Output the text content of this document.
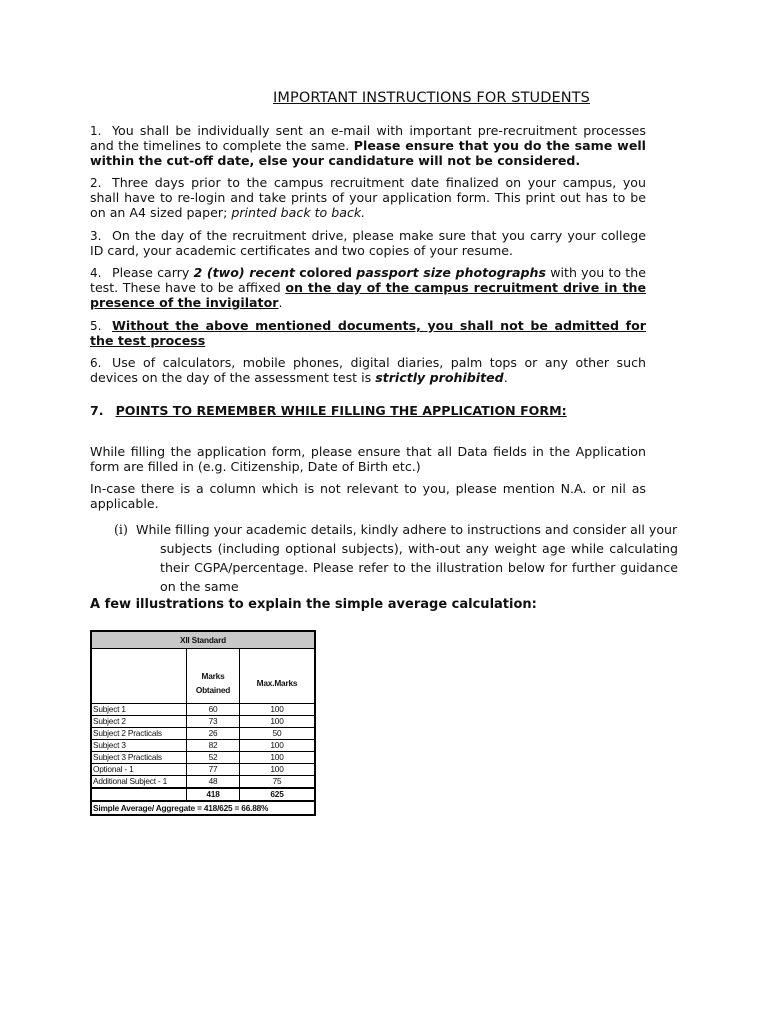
IMPORTANT INSTRUCTIONS FOR STUDENTS

1. You shall be individually sent an e-mail with important pre-recruitment processes and the timelines to complete the same. Please ensure that you do the same well within the cut-off date, else your candidature will not be considered.

2. Three days prior to the campus recruitment date finalized on your campus, you shall have to re-login and take prints of your application form. This print out has to be on an A4 sized paper; printed back to back.

3. On the day of the recruitment drive, please make sure that you carry your college ID card, your academic certificates and two copies of your resume.

4. Please carry 2 (two) recent colored passport size photographs with you to the test. These have to be affixed on the day of the campus recruitment drive in the presence of the invigilator.

5. Without the above mentioned documents, you shall not be admitted for the test process

6. Use of calculators, mobile phones, digital diaries, palm tops or any other such devices on the day of the assessment test is strictly prohibited.

7. POINTS TO REMEMBER WHILE FILLING THE APPLICATION FORM:

While filling the application form, please ensure that all Data fields in the Application form are filled in (e.g. Citizenship, Date of Birth etc.)

In-case there is a column which is not relevant to you, please mention N.A. or nil as applicable.

(i) While filling your academic details, kindly adhere to instructions and consider all your
subjects (including optional subjects), with-out any weight age while calculating their CGPA/percentage. Please refer to the illustration below for further guidance on the same

A few illustrations to explain the simple average calculation:

XII Standard		
	Marks Obtained	Max.Marks
Subject 1	60	100
Subject 2	73	100
Subject 2 Practicals	26	50
Subject 3	82	100
Subject 3 Practicals	52	100
Optional - 1	77	100
Additional Subject - 1	48	75
	418	625
Simple Average/ Aggregate = 418/625 = 66.88%		
